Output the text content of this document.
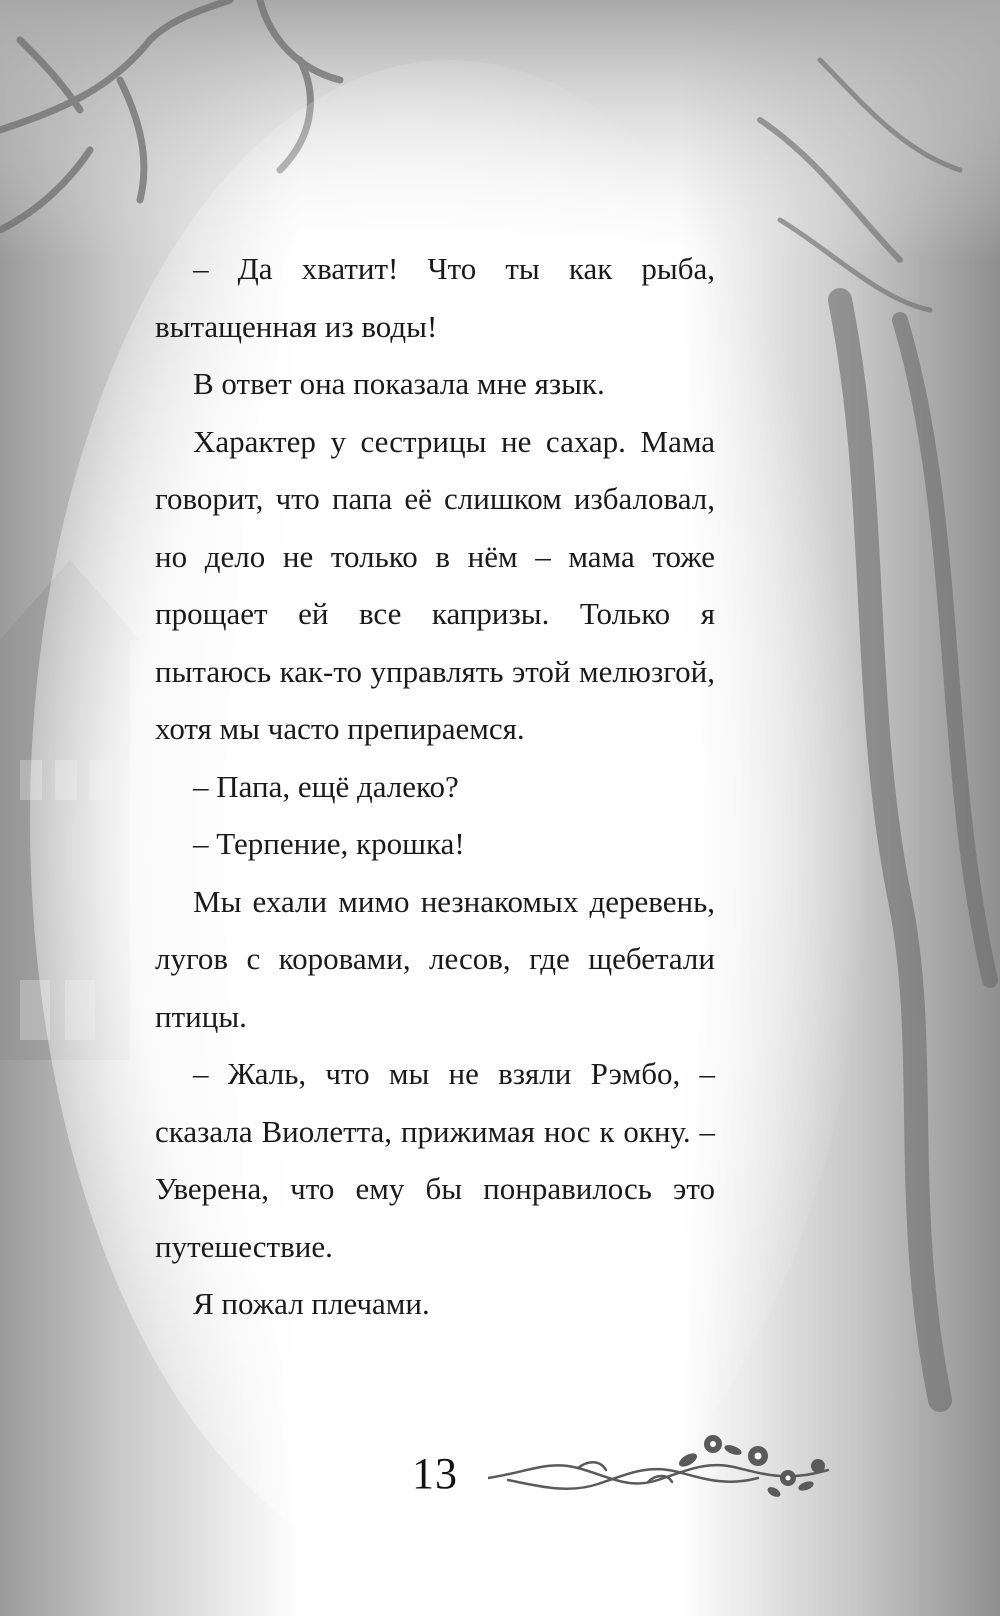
– Да хватит! Что ты как рыба, вытащенная из воды!

В ответ она показала мне язык.

Характер у сестрицы не сахар. Мама говорит, что папа её слишком избаловал, но дело не только в нём – мама тоже прощает ей все капризы. Только я пытаюсь как-то управлять этой мелюзгой, хотя мы часто препираемся.

– Папа, ещё далеко?

– Терпение, крошка!

Мы ехали мимо незнакомых деревень, лугов с коровами, лесов, где щебетали птицы.

– Жаль, что мы не взяли Рэмбо, – сказала Виолетта, прижимая нос к окну. – Уверена, что ему бы понравилось это путешествие.

Я пожал плечами.

13
